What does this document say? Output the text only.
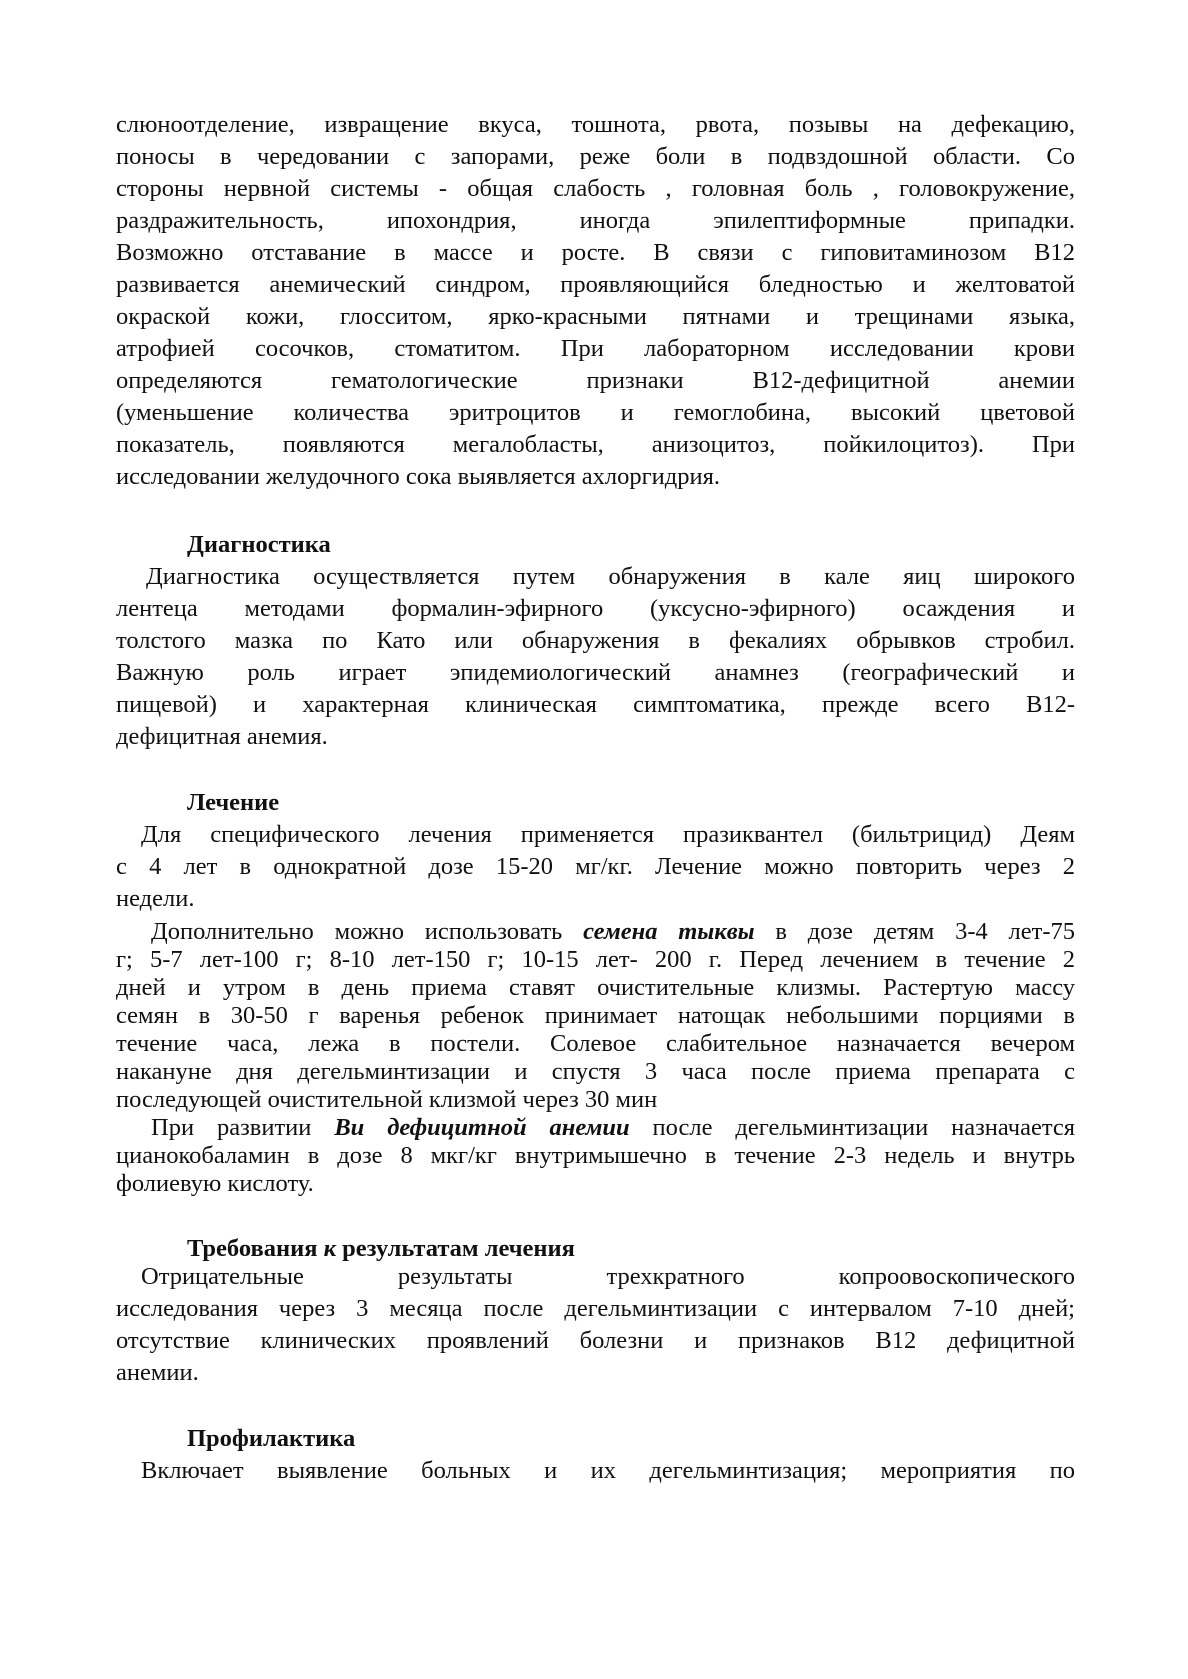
слюноотделение, извращение вкуса, тошнота, рвота, позывы на дефекацию,
поносы в чередовании с запорами, реже боли в подвздошной области. Со
стороны нервной системы - общая слабость , головная боль , головокружение,
раздражительность, ипохондрия, иногда эпилептиформные припадки.
Возможно отставание в массе и росте. В связи с гиповитаминозом В12
развивается анемический синдром, проявляющийся бледностью и желтоватой
окраской кожи, глосситом, ярко-красными пятнами и трещинами языка,
атрофией сосочков, стоматитом. При лабораторном исследовании крови
определяются гематологические признаки В12-дефицитной анемии
(уменьшение количества эритроцитов и гемоглобина, высокий цветовой
показатель, появляются мегалобласты, анизоцитоз, пойкилоцитоз). При
исследовании желудочного сока выявляется ахлоргидрия.
Диагностика
Диагностика осуществляется путем обнаружения в кале яиц широкого
лентеца методами формалин-эфирного (уксусно-эфирного) осаждения и
толстого мазка по Като или обнаружения в фекалиях обрывков стробил.
Важную роль играет эпидемиологический анамнез (географический и
пищевой) и характерная клиническая симптоматика, прежде всего В12-
дефицитная анемия.
Лечение
Для специфического лечения применяется празиквантел (бильтрицид) Деям
с 4 лет в однократной дозе 15-20 мг/кг. Лечение можно повторить через 2
недели.
Дополнительно можно использовать семена тыквы в дозе детям 3-4 лет-75
г; 5-7 лет-100 г; 8-10 лет-150 г; 10-15 лет- 200 г. Перед лечением в течение 2
дней и утром в день приема ставят очистительные клизмы. Растертую массу
семян в 30-50 г варенья ребенок принимает натощак небольшими порциями в
течение часа, лежа в постели. Солевое слабительное назначается вечером
накануне дня дегельминтизации и спустя 3 часа после приема препарата с
последующей очистительной клизмой через 30 мин
При развитии Ви дефицитной анемии после дегельминтизации назначается
цианокобаламин в дозе 8 мкг/кг внутримышечно в течение 2-3 недель и внутрь
фолиевую кислоту.
Требования к результатам лечения
Отрицательные результаты трехкратного копроовоскопического
исследования через 3 месяца после дегельминтизации с интервалом 7-10 дней;
отсутствие клинических проявлений болезни и признаков В12 дефицитной
анемии.
Профилактика
Включает выявление больных и их дегельминтизация; мероприятия по
